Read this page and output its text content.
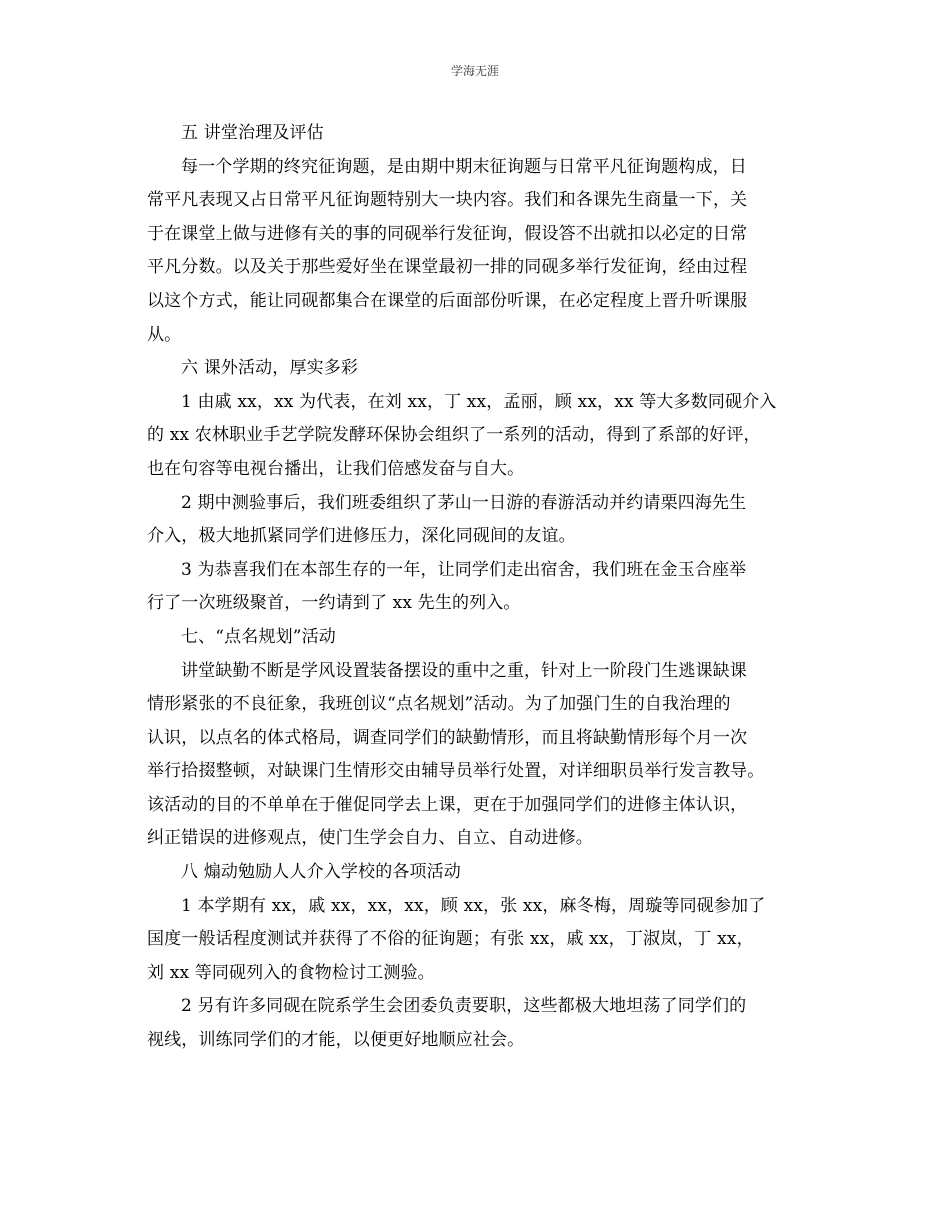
学海无涯
五 讲堂治理及评估
每一个学期的终究征询题，是由期中期末征询题与日常平凡征询题构成，日
常平凡表现又占日常平凡征询题特别大一块内容。我们和各课先生商量一下，关
于在课堂上做与进修有关的事的同砚举行发征询，假设答不出就扣以必定的日常
平凡分数。以及关于那些爱好坐在课堂最初一排的同砚多举行发征询，经由过程
以这个方式，能让同砚都集合在课堂的后面部份听课，在必定程度上晋升听课服
从。
六 课外活动，厚实多彩
1 由戚 xx，xx 为代表，在刘 xx，丁 xx，孟丽，顾 xx，xx 等大多数同砚介入
的 xx 农林职业手艺学院发酵环保协会组织了一系列的活动，得到了系部的好评，
也在句容等电视台播出，让我们倍感发奋与自大。
2 期中测验事后，我们班委组织了茅山一日游的春游活动并约请栗四海先生
介入，极大地抓紧同学们进修压力，深化同砚间的友谊。
3 为恭喜我们在本部生存的一年，让同学们走出宿舍，我们班在金玉合座举
行了一次班级聚首，一约请到了 xx 先生的列入。
七、“点名规划”活动
讲堂缺勤不断是学风设置装备摆设的重中之重，针对上一阶段门生逃课缺课
情形紧张的不良征象，我班创议“点名规划”活动。为了加强门生的自我治理的
认识，以点名的体式格局，调查同学们的缺勤情形，而且将缺勤情形每个月一次
举行拾掇整顿，对缺课门生情形交由辅导员举行处置，对详细职员举行发言教导。
该活动的目的不单单在于催促同学去上课，更在于加强同学们的进修主体认识，
纠正错误的进修观点，使门生学会自力、自立、自动进修。
八 煽动勉励人人介入学校的各项活动
1 本学期有 xx，戚 xx，xx，xx，顾 xx，张 xx，麻冬梅，周璇等同砚参加了
国度一般话程度测试并获得了不俗的征询题；有张 xx，戚 xx，丁淑岚，丁 xx，
刘 xx 等同砚列入的食物检讨工测验。
2 另有许多同砚在院系学生会团委负责要职，这些都极大地坦荡了同学们的
视线，训练同学们的才能，以便更好地顺应社会。
